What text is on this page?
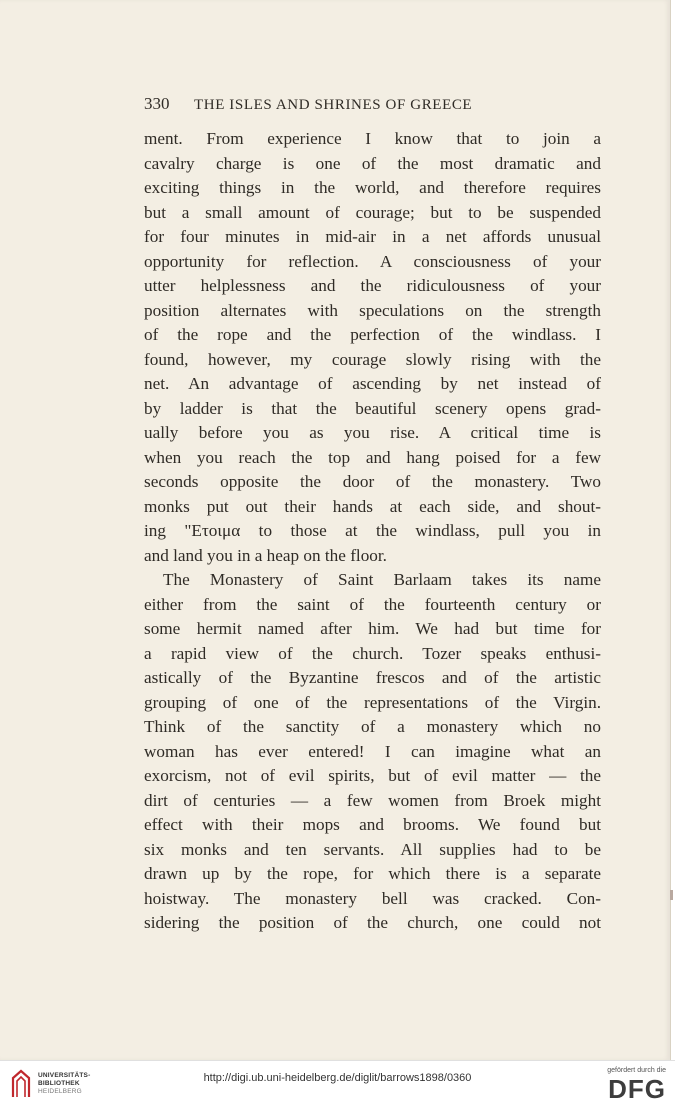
330 THE ISLES AND SHRINES OF GREECE
ment. From experience I know that to join a
cavalry charge is one of the most dramatic and
exciting things in the world, and therefore requires
but a small amount of courage; but to be suspended
for four minutes in mid-air in a net affords unusual
opportunity for reflection. A consciousness of your
utter helplessness and the ridiculousness of your
position alternates with speculations on the strength
of the rope and the perfection of the windlass. I
found, however, my courage slowly rising with the
net. An advantage of ascending by net instead of
by ladder is that the beautiful scenery opens grad-
ually before you as you rise. A critical time is
when you reach the top and hang poised for a few
seconds opposite the door of the monastery. Two
monks put out their hands at each side, and shout-
ing "Ετοιμα to those at the windlass, pull you in
and land you in a heap on the floor.
The Monastery of Saint Barlaam takes its name
either from the saint of the fourteenth century or
some hermit named after him. We had but time for
a rapid view of the church. Tozer speaks enthusi-
astically of the Byzantine frescos and of the artistic
grouping of one of the representations of the Virgin.
Think of the sanctity of a monastery which no
woman has ever entered! I can imagine what an
exorcism, not of evil spirits, but of evil matter — the
dirt of centuries — a few women from Broek might
effect with their mops and brooms. We found but
six monks and ten servants. All supplies had to be
drawn up by the rope, for which there is a separate
hoistway. The monastery bell was cracked. Con-
sidering the position of the church, one could not
UNIVERSITÄTS-
BIBLIOTHEK
HEIDELBERG
http://digi.ub.uni-heidelberg.de/diglit/barrows1898/0360
gefördert durch die
DFG
